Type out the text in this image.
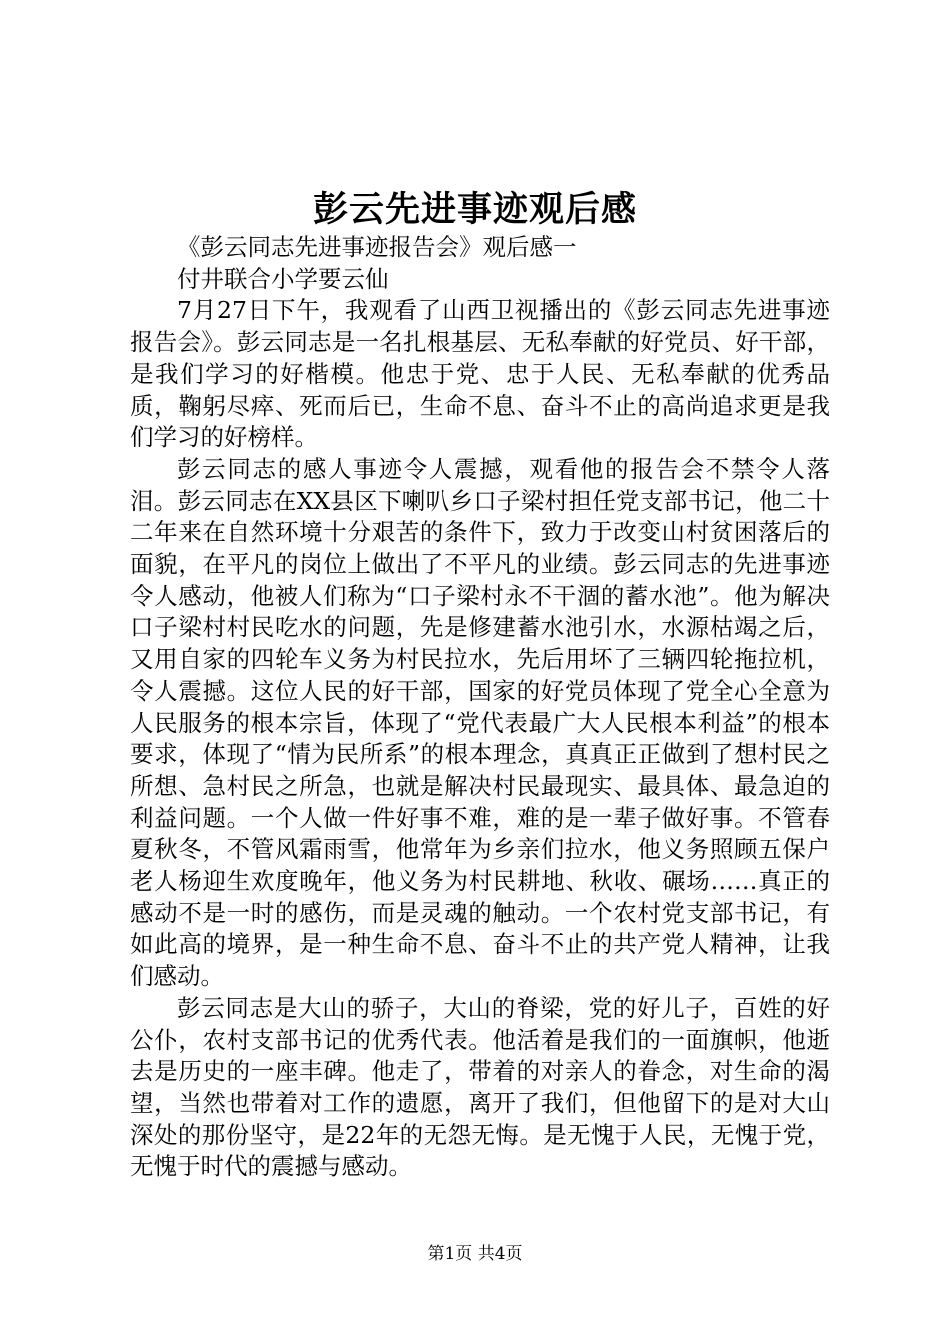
彭云先进事迹观后感

《彭云同志先进事迹报告会》观后感一

付井联合小学要云仙

7月27日下午，我观看了山西卫视播出的《彭云同志先进事迹报告会》。彭云同志是一名扎根基层、无私奉献的好党员、好干部，是我们学习的好楷模。他忠于党、忠于人民、无私奉献的优秀品质，鞠躬尽瘁、死而后已，生命不息、奋斗不止的高尚追求更是我们学习的好榜样。

彭云同志的感人事迹令人震撼，观看他的报告会不禁令人落泪。彭云同志在XX县区下喇叭乡口子梁村担任党支部书记，他二十二年来在自然环境十分艰苦的条件下，致力于改变山村贫困落后的面貌，在平凡的岗位上做出了不平凡的业绩。彭云同志的先进事迹令人感动，他被人们称为“口子梁村永不干涸的蓄水池”。他为解决口子梁村村民吃水的问题，先是修建蓄水池引水，水源枯竭之后，又用自家的四轮车义务为村民拉水，先后用坏了三辆四轮拖拉机，令人震撼。这位人民的好干部，国家的好党员体现了党全心全意为人民服务的根本宗旨，体现了“党代表最广大人民根本利益”的根本要求，体现了“情为民所系”的根本理念，真真正正做到了想村民之所想、急村民之所急，也就是解决村民最现实、最具体、最急迫的利益问题。一个人做一件好事不难，难的是一辈子做好事。不管春夏秋冬，不管风霜雨雪，他常年为乡亲们拉水，他义务照顾五保户老人杨迎生欢度晚年，他义务为村民耕地、秋收、碾场……真正的感动不是一时的感伤，而是灵魂的触动。一个农村党支部书记，有如此高的境界，是一种生命不息、奋斗不止的共产党人精神，让我们感动。

彭云同志是大山的骄子，大山的脊梁，党的好儿子，百姓的好公仆，农村支部书记的优秀代表。他活着是我们的一面旗帜，他逝去是历史的一座丰碑。他走了，带着的对亲人的眷念，对生命的渴望，当然也带着对工作的遗愿，离开了我们，但他留下的是对大山深处的那份坚守，是22年的无怨无悔。是无愧于人民，无愧于党，无愧于时代的震撼与感动。

第1页 共4页
